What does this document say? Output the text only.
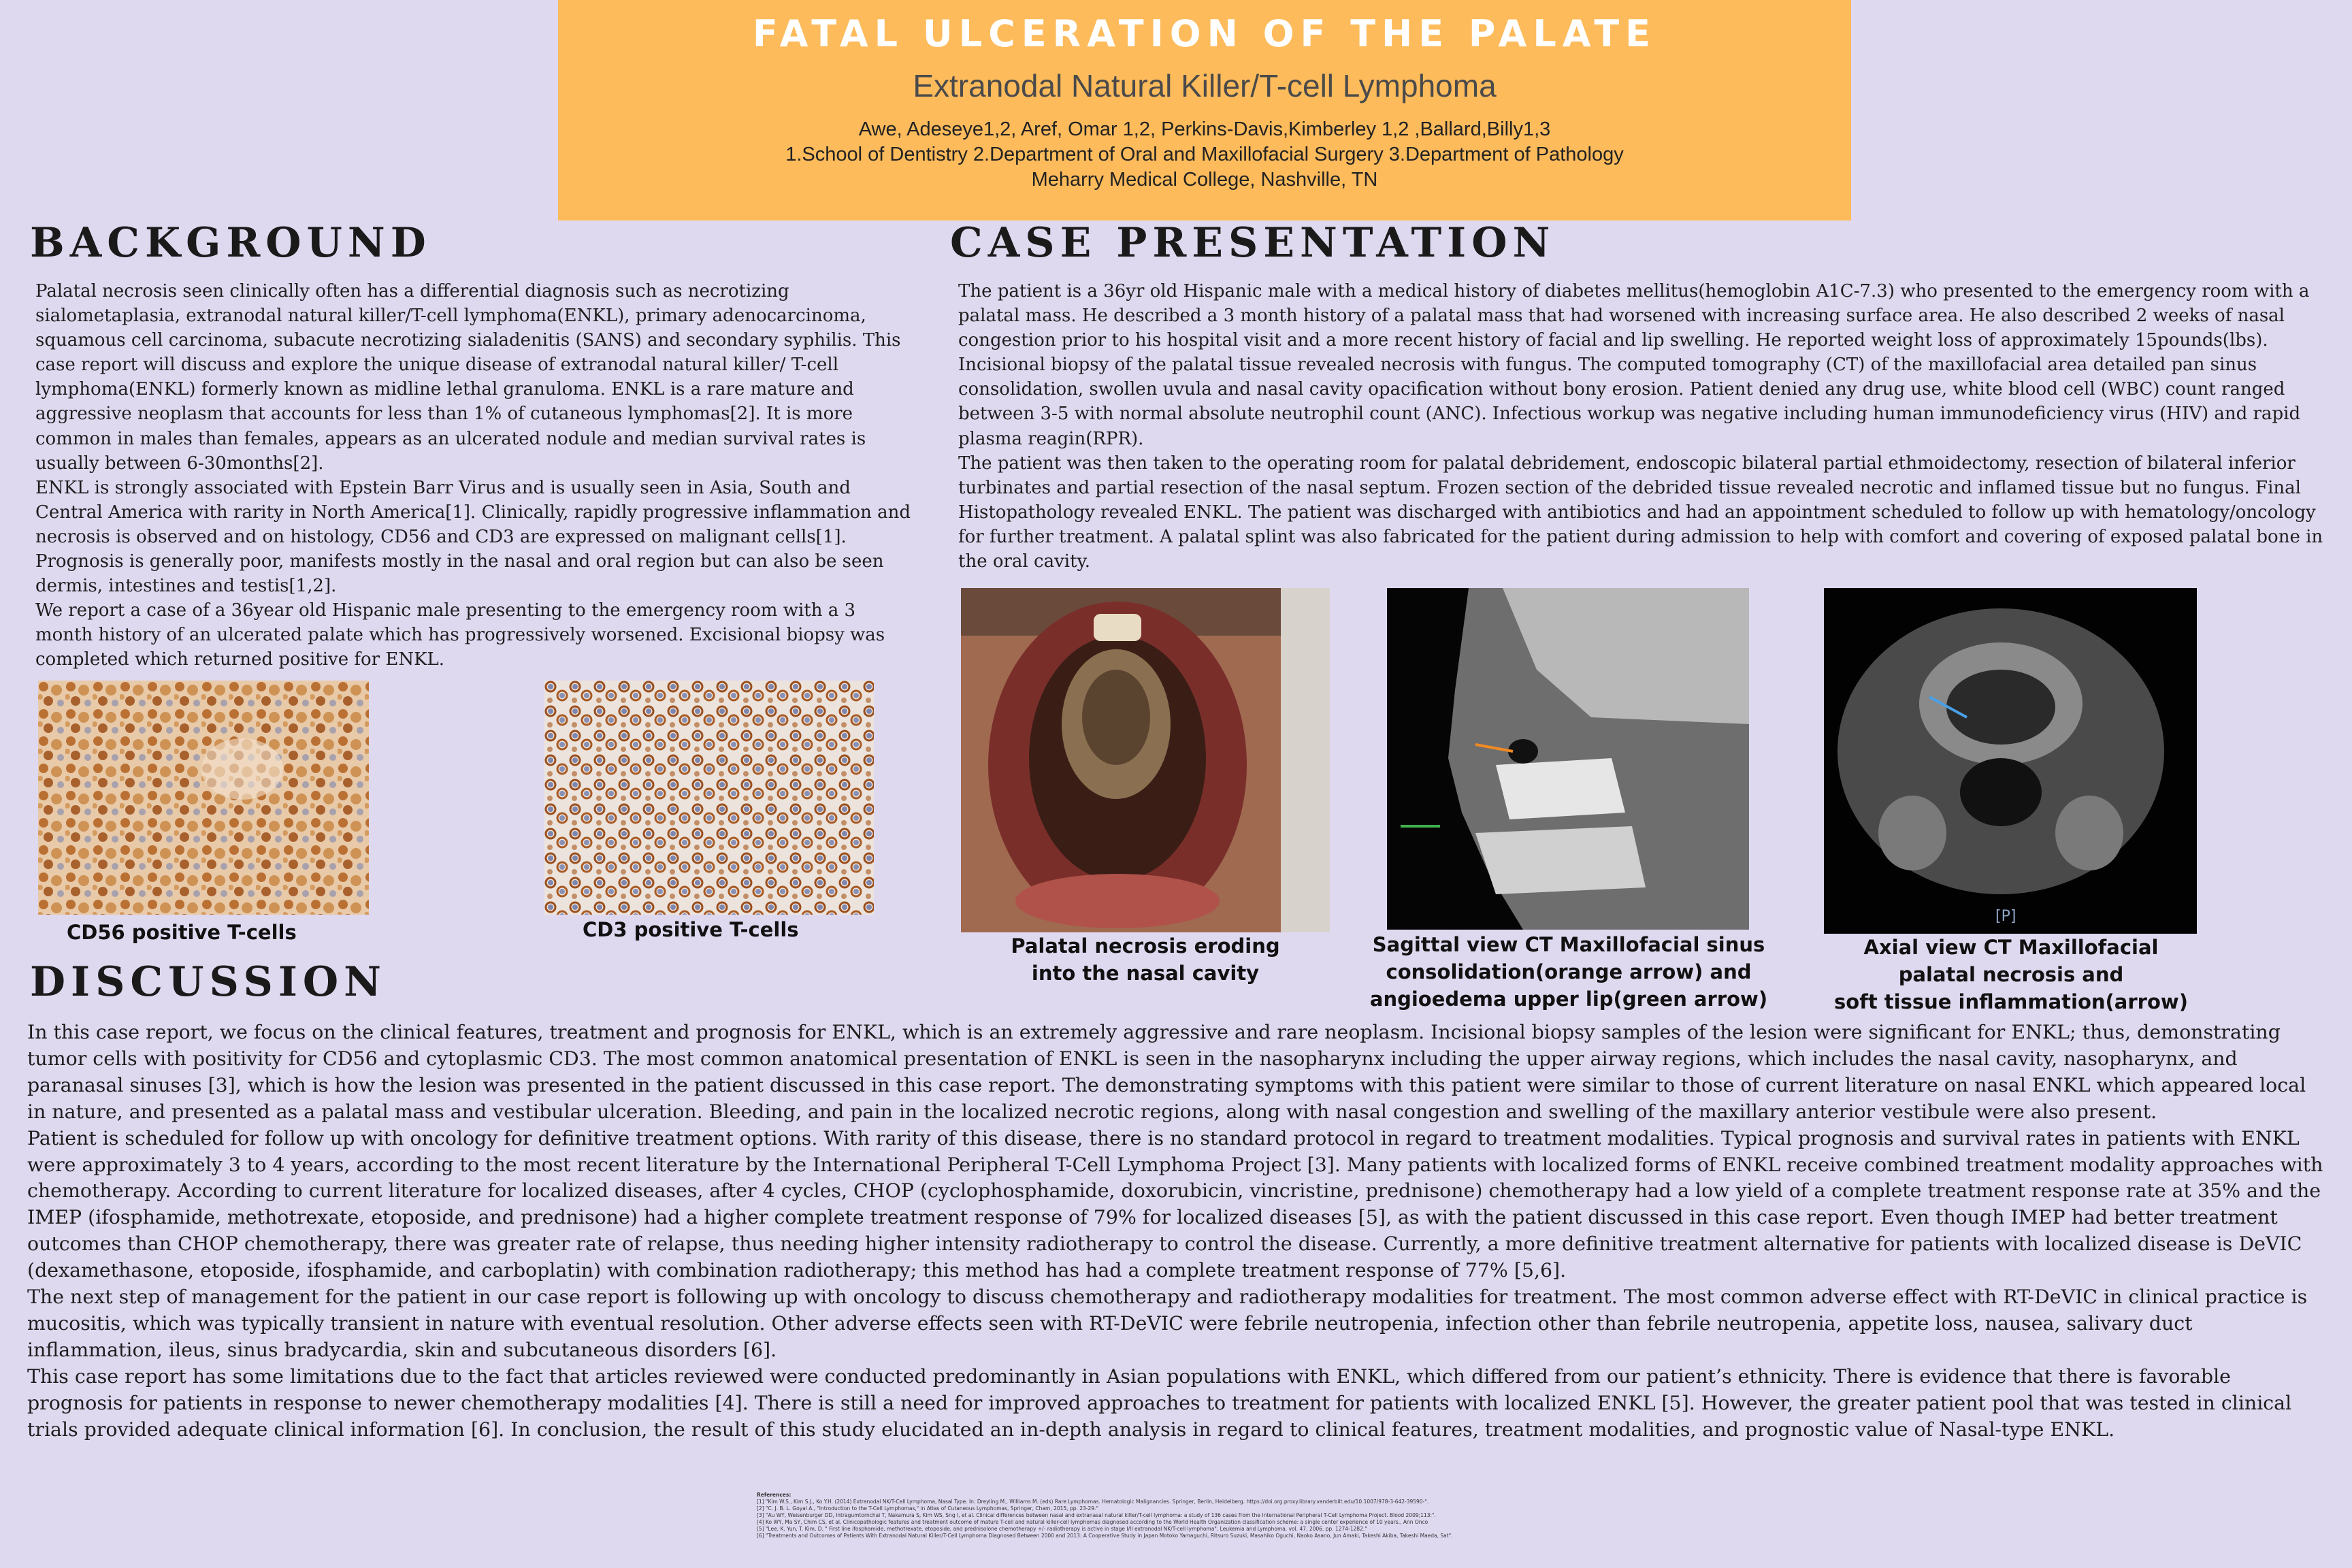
FATAL ULCERATION OF THE PALATE
Extranodal Natural Killer/T-cell Lymphoma
Awe, Adeseye1,2, Aref, Omar 1,2, Perkins-Davis,Kimberley 1,2 ,Ballard,Billy1,3
1.School of Dentistry 2.Department of Oral and Maxillofacial Surgery 3.Department of Pathology
Meharry Medical College, Nashville, TN
BACKGROUND

Palatal necrosis seen clinically often has a differential diagnosis such as necrotizing sialometaplasia, extranodal natural killer/T-cell lymphoma(ENKL), primary adenocarcinoma, squamous cell carcinoma, subacute necrotizing sialadenitis (SANS) and secondary syphilis. This case report will discuss and explore the unique disease of extranodal natural killer/ T-cell lymphoma(ENKL) formerly known as midline lethal granuloma. ENKL is a rare mature and aggressive neoplasm that accounts for less than 1% of cutaneous lymphomas[2]. It is more common in males than females, appears as an ulcerated nodule and median survival rates is usually between 6-30months[2].

ENKL is strongly associated with Epstein Barr Virus and is usually seen in Asia, South and Central America with rarity in North America[1]. Clinically, rapidly progressive inflammation and necrosis is observed and on histology, CD56 and CD3 are expressed on malignant cells[1]. Prognosis is generally poor, manifests mostly in the nasal and oral region but can also be seen dermis, intestines and testis[1,2].

We report a case of a 36year old Hispanic male presenting to the emergency room with a 3 month history of an ulcerated palate which has progressively worsened. Excisional biopsy was completed which returned positive for ENKL.

CD56 positive T-cells	CD3 positive T-cells
CASE PRESENTATION

The patient is a 36yr old Hispanic male with a medical history of diabetes mellitus(hemoglobin A1C-7.3) who presented to the emergency room with a palatal mass. He described a 3 month history of a palatal mass that had worsened with increasing surface area. He also described 2 weeks of nasal congestion prior to his hospital visit and a more recent history of facial and lip swelling. He reported weight loss of approximately 15pounds(lbs). Incisional biopsy of the palatal tissue revealed necrosis with fungus. The computed tomography (CT) of the maxillofacial area detailed pan sinus consolidation, swollen uvula and nasal cavity opacification without bony erosion. Patient denied any drug use, white blood cell (WBC) count ranged between 3-5 with normal absolute neutrophil count (ANC). Infectious workup was negative including human immunodeficiency virus (HIV) and rapid plasma reagin(RPR).

The patient was then taken to the operating room for palatal debridement, endoscopic bilateral partial ethmoidectomy, resection of bilateral inferior turbinates and partial resection of the nasal septum. Frozen section of the debrided tissue revealed necrotic and inflamed tissue but no fungus. Final Histopathology revealed ENKL. The patient was discharged with antibiotics and had an appointment scheduled to follow up with hematology/oncology for further treatment. A palatal splint was also fabricated for the patient during admission to help with comfort and covering of exposed palatal bone in the oral cavity.

Palatal necrosis eroding
into the nasal cavity
Sagittal view CT Maxillofacial sinus
consolidation(orange arrow) and
angioedema upper lip(green arrow)
[P]
Axial view CT Maxillofacial
palatal necrosis and
soft tissue inflammation(arrow)
DISCUSSION

In this case report, we focus on the clinical features, treatment and prognosis for ENKL, which is an extremely aggressive and rare neoplasm. Incisional biopsy samples of the lesion were significant for ENKL; thus, demonstrating tumor cells with positivity for CD56 and cytoplasmic CD3. The most common anatomical presentation of ENKL is seen in the nasopharynx including the upper airway regions, which includes the nasal cavity, nasopharynx, and paranasal sinuses [3], which is how the lesion was presented in the patient discussed in this case report. The demonstrating symptoms with this patient were similar to those of current literature on nasal ENKL which appeared local in nature, and presented as a palatal mass and vestibular ulceration. Bleeding, and pain in the localized necrotic regions, along with nasal congestion and swelling of the maxillary anterior vestibule were also present.

Patient is scheduled for follow up with oncology for definitive treatment options. With rarity of this disease, there is no standard protocol in regard to treatment modalities. Typical prognosis and survival rates in patients with ENKL were approximately 3 to 4 years, according to the most recent literature by the International Peripheral T-Cell Lymphoma Project [3]. Many patients with localized forms of ENKL receive combined treatment modality approaches with chemotherapy. According to current literature for localized diseases, after 4 cycles, CHOP (cyclophosphamide, doxorubicin, vincristine, prednisone) chemotherapy had a low yield of a complete treatment response rate at 35% and the IMEP (ifosphamide, methotrexate, etoposide, and prednisone) had a higher complete treatment response of 79% for localized diseases [5], as with the patient discussed in this case report. Even though IMEP had better treatment outcomes than CHOP chemotherapy, there was greater rate of relapse, thus needing higher intensity radiotherapy to control the disease. Currently, a more definitive treatment alternative for patients with localized disease is DeVIC (dexamethasone, etoposide, ifosphamide, and carboplatin) with combination radiotherapy; this method has had a complete treatment response of 77% [5,6].

The next step of management for the patient in our case report is following up with oncology to discuss chemotherapy and radiotherapy modalities for treatment. The most common adverse effect with RT-DeVIC in clinical practice is mucositis, which was typically transient in nature with eventual resolution. Other adverse effects seen with RT-DeVIC were febrile neutropenia, infection other than febrile neutropenia, appetite loss, nausea, salivary duct inflammation, ileus, sinus bradycardia, skin and subcutaneous disorders [6].

This case report has some limitations due to the fact that articles reviewed were conducted predominantly in Asian populations with ENKL, which differed from our patient’s ethnicity. There is evidence that there is favorable prognosis for patients in response to newer chemotherapy modalities [4]. There is still a need for improved approaches to treatment for patients with localized ENKL [5]. However, the greater patient pool that was tested in clinical trials provided adequate clinical information [6]. In conclusion, the result of this study elucidated an in-depth analysis in regard to clinical features, treatment modalities, and prognostic value of Nasal-type ENKL.

References:
[1] "Kim W.S., Kim S.J., Ko Y.H. (2014) Extranodal NK/T-Cell Lymphoma, Nasal Type. In: Dreyling M., Williams M. (eds) Rare Lymphomas. Hematologic Malignancies. Springer, Berlin, Heidelberg. https://doi.org.proxy.library.vanderbilt.edu/10.1007/978-3-642-39590-".
[2] "C. J. B. L. Goyal A., "Introduction to the T-Cell Lymphomas," in Atlas of Cutaneous Lymphomas, Springer, Cham, 2015, pp. 23-29."
[3] "Au WY, Weisenburger DD, Intragumtornchai T, Nakamura S, Kim WS, Sng I, et al. Clinical differences between nasal and extranasal natural killer/T-cell lymphoma: a study of 136 cases from the International Peripheral T-Cell Lymphoma Project. Blood 2009;113:".
[4] Ko WY, Ma SY, Chim CS, et al. Clinicopathologic features and treatment outcome of mature T-cell and natural killer-cell lymphomas diagnosed according to the World Health Organization classification scheme: a single center experience of 10 years., Ann Onco
[5] "Lee, K. Yun, T. Kim, D. " First line ifosphamide, methotrexate, etoposide, and prednisolone chemotherapy +/- radiotherapy is active in stage I/II extranodal NK/T-cell lymphoma". Leukemia and Lymphoma. vol. 47. 2006. pp. 1274-1282."
[6] "Treatments and Outcomes of Patients With Extranodal Natural Killer/T-Cell Lymphoma Diagnosed Between 2000 and 2013: A Cooperative Study in Japan Motoko Yamaguchi, Ritsuro Suzuki, Masahiko Oguchi, Naoko Asano, Jun Amaki, Takeshi Akiba, Takeshi Maeda, Sat".
